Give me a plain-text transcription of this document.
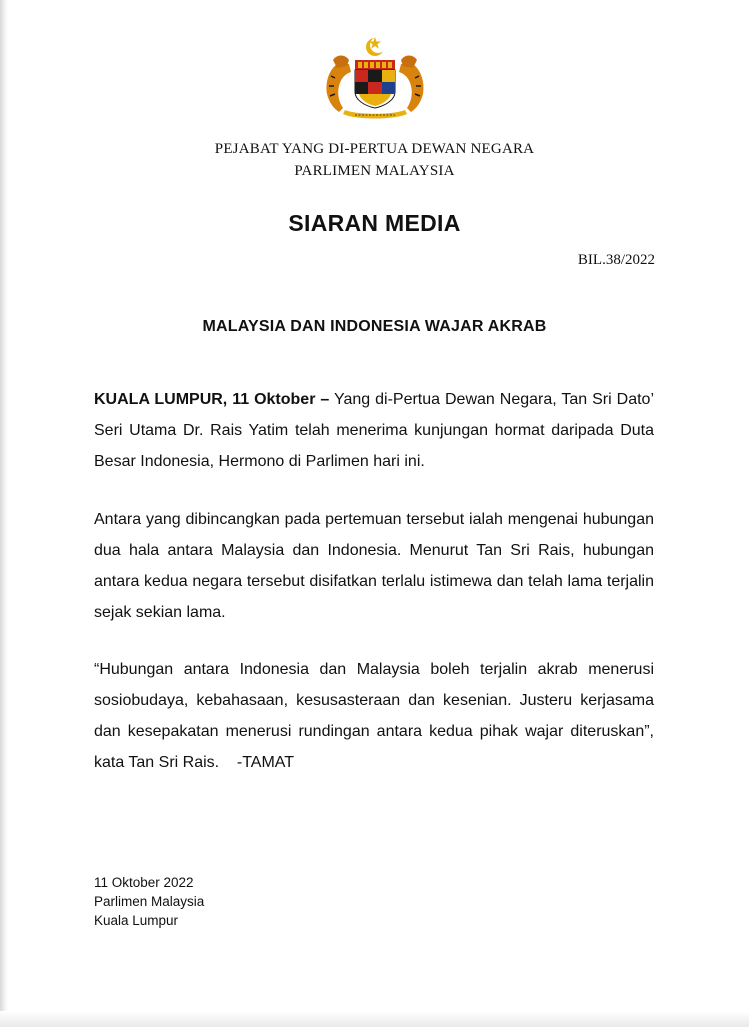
PEJABAT YANG DI-PERTUA DEWAN NEGARA
PARLIMEN MALAYSIA
SIARAN MEDIA
BIL.38/2022
MALAYSIA DAN INDONESIA WAJAR AKRAB
KUALA LUMPUR, 11 Oktober – Yang di-Pertua Dewan Negara, Tan Sri Dato’ Seri Utama Dr. Rais Yatim telah menerima kunjungan hormat daripada Duta Besar Indonesia, Hermono di Parlimen hari ini.
Antara yang dibincangkan pada pertemuan tersebut ialah mengenai hubungan dua hala antara Malaysia dan Indonesia. Menurut Tan Sri Rais, hubungan antara kedua negara tersebut disifatkan terlalu istimewa dan telah lama terjalin sejak sekian lama.
“Hubungan antara Indonesia dan Malaysia boleh terjalin akrab menerusi sosiobudaya, kebahasaan, kesusasteraan dan kesenian. Justeru kerjasama dan kesepakatan menerusi rundingan antara kedua pihak wajar diteruskan”, kata Tan Sri Rais. -TAMAT
11 Oktober 2022
Parlimen Malaysia
Kuala Lumpur
